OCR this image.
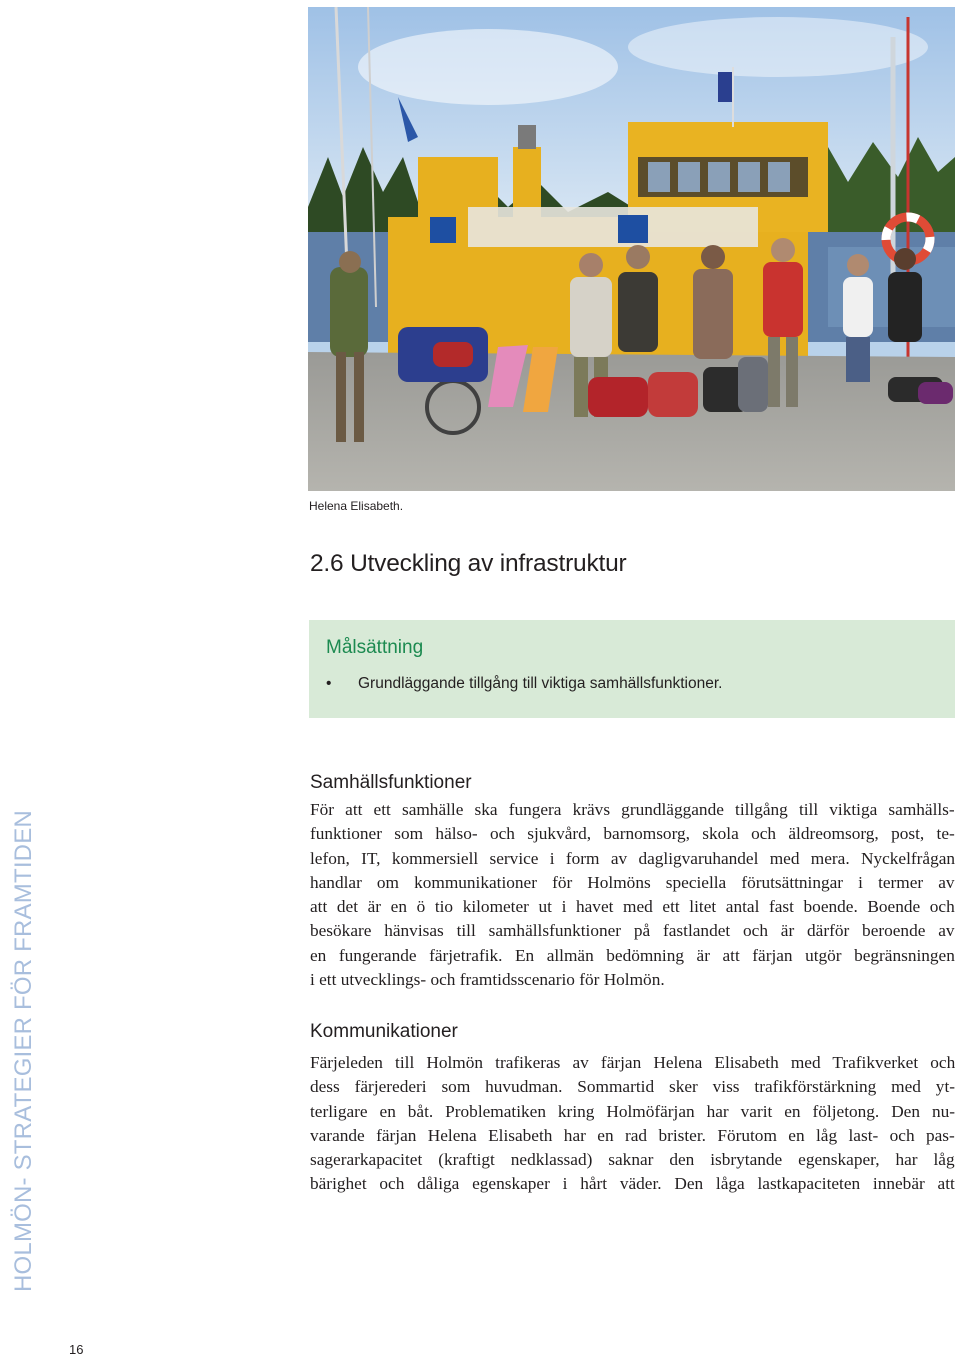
Helena Elisabeth.
2.6 Utveckling av infrastruktur
Målsättning
• Grundläggande tillgång till viktiga samhällsfunktioner.
HOLMÖN- STRATEGIER FÖR FRAMTIDEN
Samhällsfunktioner
För att ett samhälle ska fungera krävs grundläggande tillgång till viktiga samhälls-
funktioner som hälso- och sjukvård, barnomsorg, skola och äldreomsorg, post, te-
lefon, IT, kommersiell service i form av dagligvaruhandel med mera. Nyckelfrågan
handlar om kommunikationer för Holmöns speciella förutsättningar i termer av
att det är en ö tio kilometer ut i havet med ett litet antal fast boende. Boende och
besökare hänvisas till samhällsfunktioner på fastlandet och är därför beroende av
en fungerande färjetrafik. En allmän bedömning är att färjan utgör begränsningen
i ett utvecklings- och framtidsscenario för Holmön.
Kommunikationer
Färjeleden till Holmön trafikeras av färjan Helena Elisabeth med Trafikverket och
dess färjerederi som huvudman. Sommartid sker viss trafikförstärkning med yt-
terligare en båt. Problematiken kring Holmöfärjan har varit en följetong. Den nu-
varande färjan Helena Elisabeth har en rad brister. Förutom en låg last- och pas-
sagerarkapacitet (kraftigt nedklassad) saknar den isbrytande egenskaper, har låg
bärighet och dåliga egenskaper i hårt väder. Den låga lastkapaciteten innebär att
16
